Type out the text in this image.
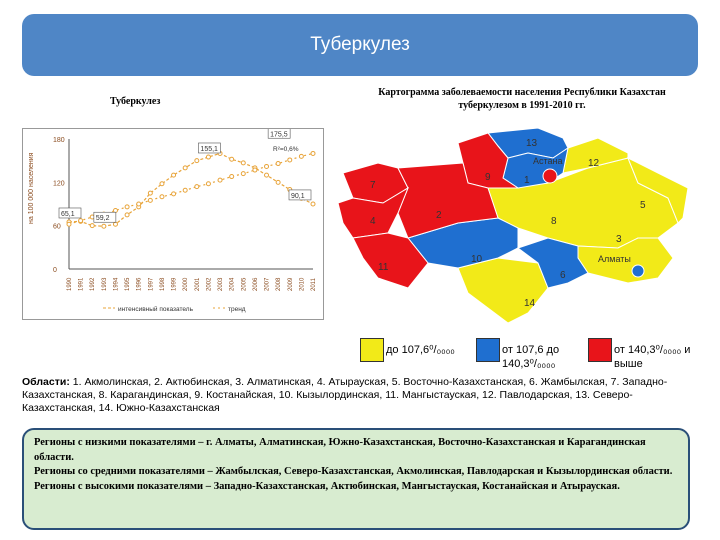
Туберкулез
Туберкулез
Картограмма заболеваемости населения Республики Казахстан
туберкулезом в 1991-2010 гг.
0
60
120
180
на 100 000 населения
1990 1991 1992 1993 1994 1995 1996 1997 1998 1999 2000 2001 2002 2003 2004 2005 2006 2007 2008 2009 2010 2011
155,1
175,5
65,1
59,2
90,1
R²=0,6%
интенсивный показатель	тренд
Астана
Алматы
13
9	1
12
7
5
2
4	8
3
10
11
6
14
до 107,6⁰/₀₀₀₀	от 107,6 до 140,3⁰/₀₀₀₀
от 140,3⁰/₀₀₀₀ и выше
Области: 1. Акмолинская, 2. Актюбинская, 3. Алматинская, 4. Атырауская, 5. Восточно-Казахстанская, 6. Жамбылская, 7. Западно-Казахстанская, 8. Карагандинская, 9. Костанайская, 10. Кызылординская, 11. Мангыстауская, 12. Павлодарская, 13. Северо-Казахстанская, 14. Южно-Казахстанская

Регионы с низкими показателями – г. Алматы, Алматинская, Южно-Казахстанская, Восточно-Казахстанская и Карагандинская области.

Регионы со средними показателями – Жамбылская, Северо-Казахстанская, Акмолинская, Павлодарская и Кызылординская области.

Регионы с высокими показателями – Западно-Казахстанская, Актюбинская, Мангыстауская, Костанайская и Атырауская.
